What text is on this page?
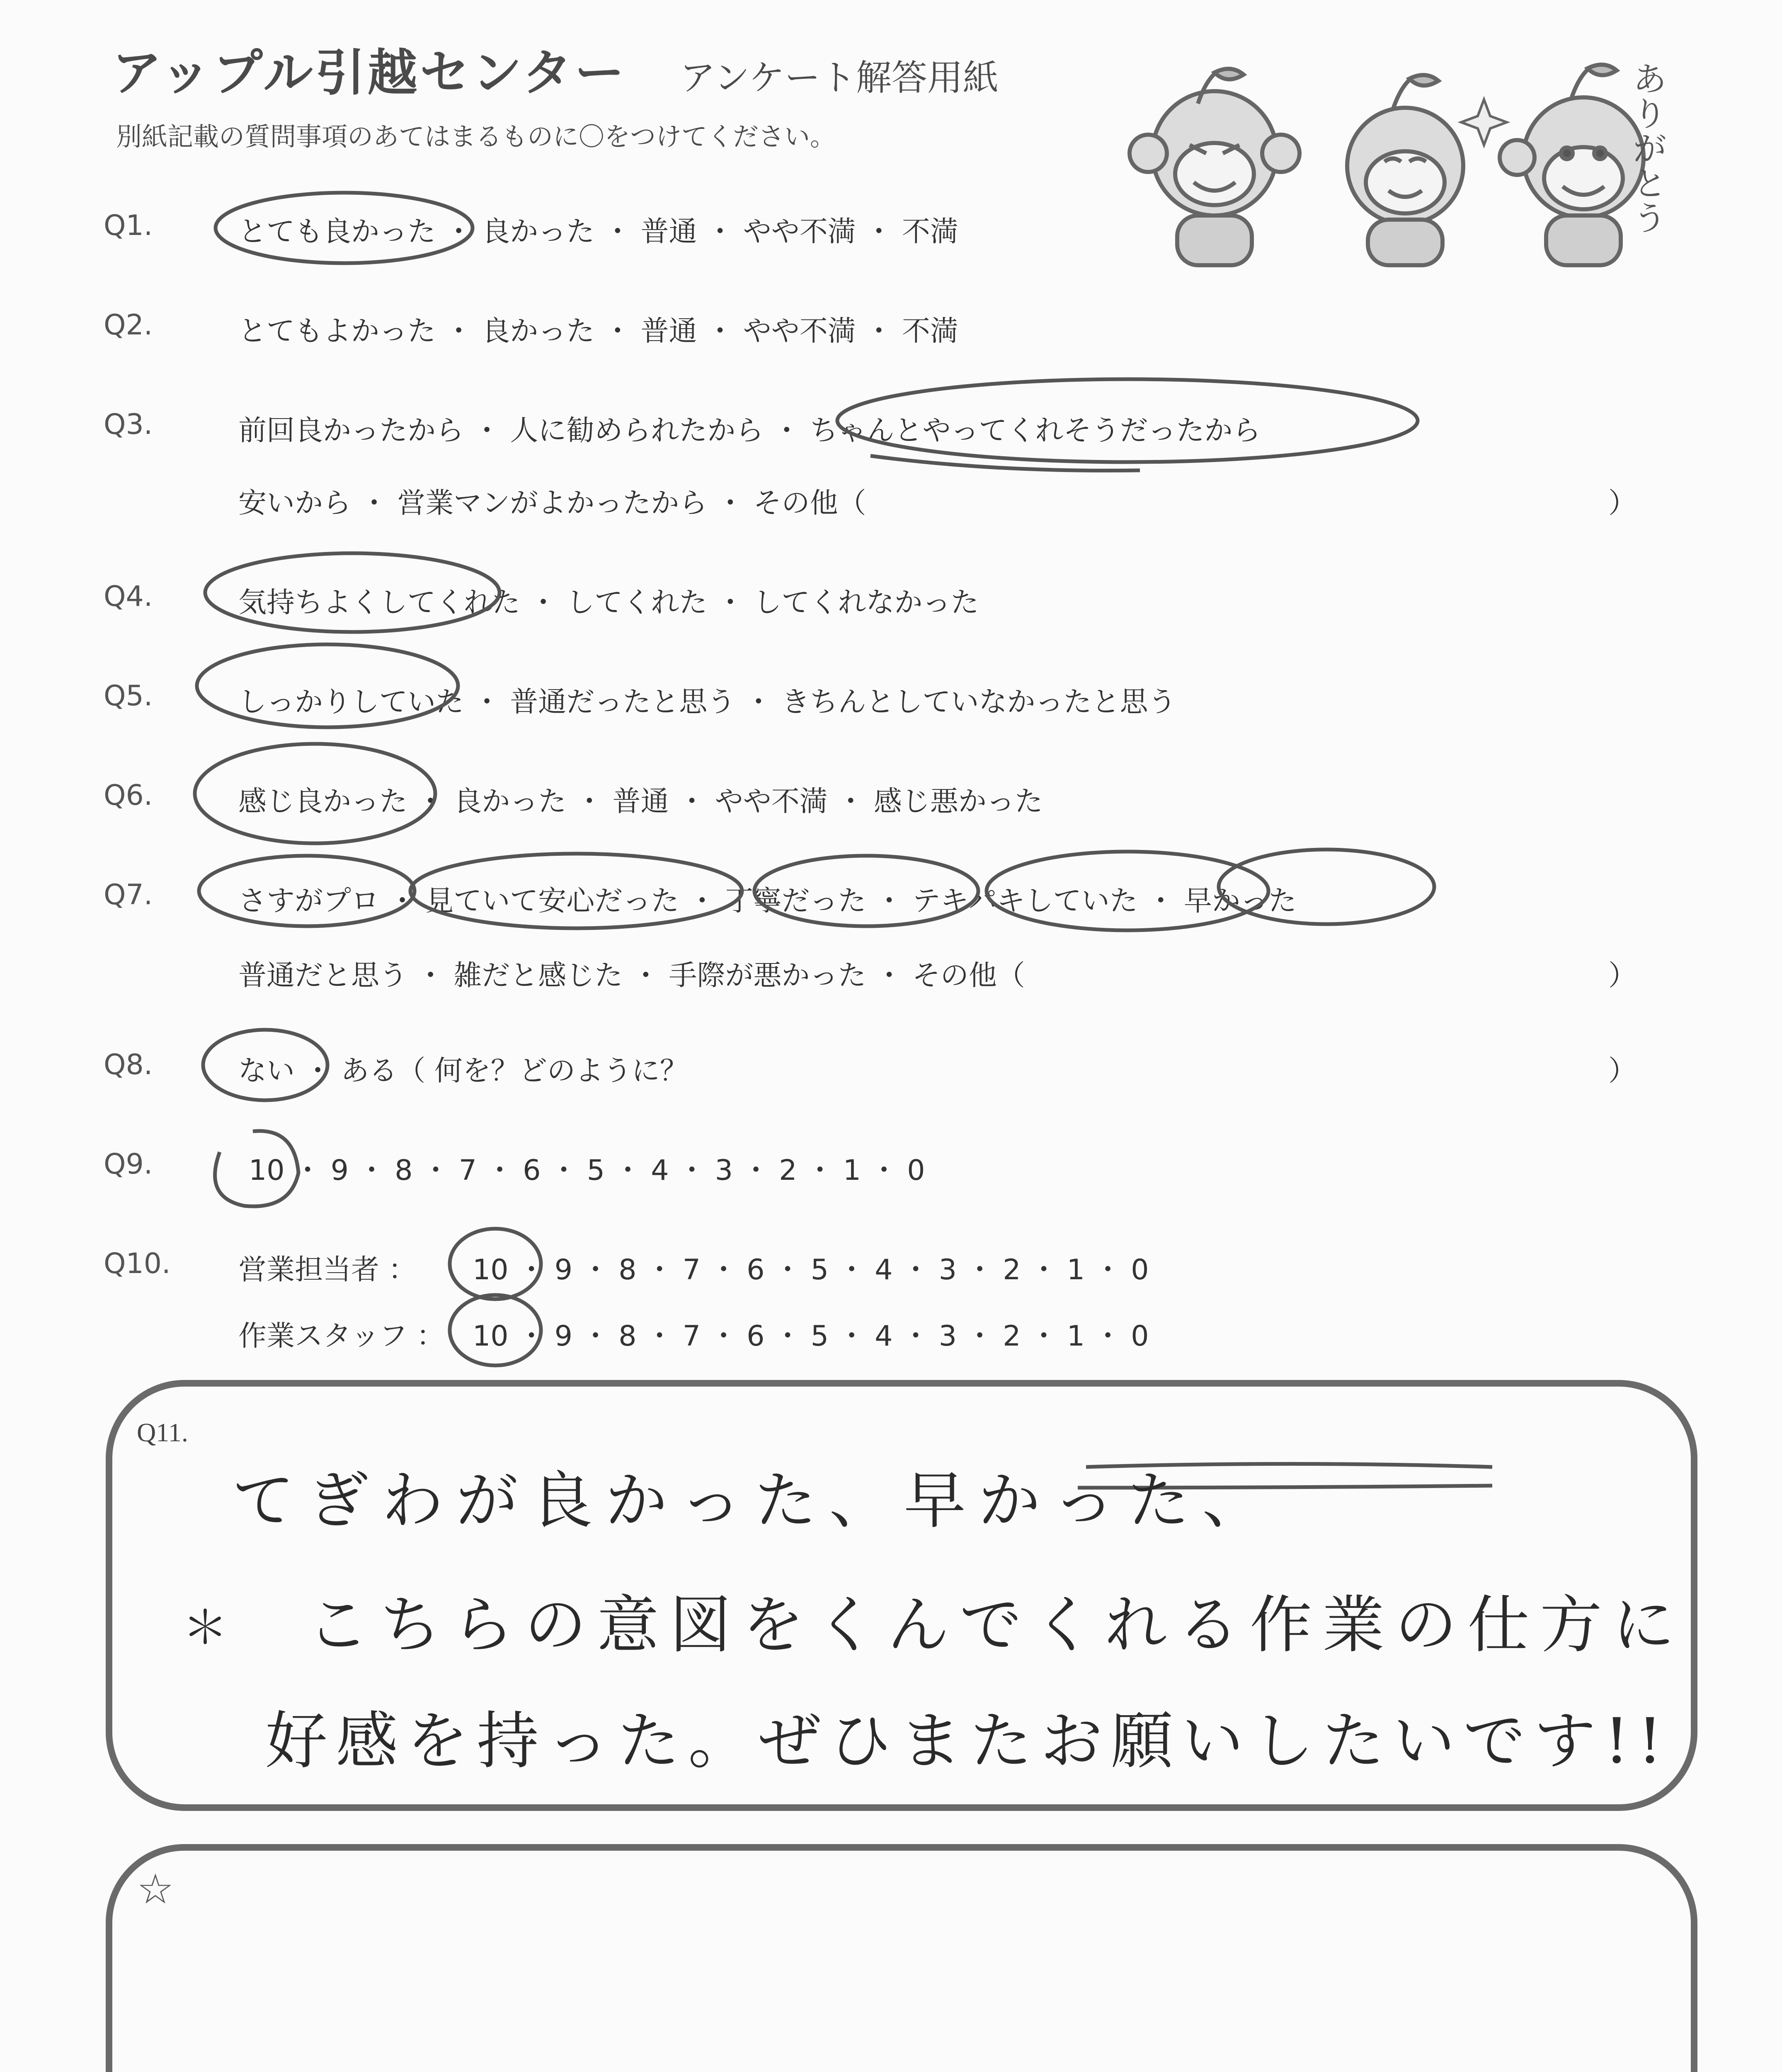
アップル引越センター アンケート解答用紙
別紙記載の質問事項のあてはまるものに〇をつけてください。
ありがとう
Q1.	とても良かった ・ 良かった ・ 普通 ・ やや不満 ・ 不満
Q2.	とてもよかった ・ 良かった ・ 普通 ・ やや不満 ・ 不満
Q3.	前回良かったから ・ 人に勧められたから ・ ちゃんとやってくれそうだったから
安いから ・ 営業マンがよかったから ・ その他（	）
Q4.	気持ちよくしてくれた ・ してくれた ・ してくれなかった
Q5.	しっかりしていた ・ 普通だったと思う ・ きちんとしていなかったと思う
Q6.	感じ良かった ・ 良かった ・ 普通 ・ やや不満 ・ 感じ悪かった
Q7.	さすがプロ ・ 見ていて安心だった ・ 丁寧だった ・ テキパキしていた ・ 早かった
普通だと思う ・ 雑だと感じた ・ 手際が悪かった ・ その他（	）
Q8.	ない ・ ある（ 何を？どのように？	）
Q9.	10 ・ 9 ・ 8 ・ 7 ・ 6 ・ 5 ・ 4 ・ 3 ・ 2 ・ 1 ・ 0
Q10. 営業担当者 ： 10 ・ 9 ・ 8 ・ 7 ・ 6 ・ 5 ・ 4 ・ 3 ・ 2 ・ 1 ・ 0
作業スタッフ ： 10 ・ 9 ・ 8 ・ 7 ・ 6 ・ 5 ・ 4 ・ 3 ・ 2 ・ 1 ・ 0
Q11.
てぎわが良かった、早かった、
＊ こちらの意図をくんでくれる作業の仕方に
好感を持った。ぜひまたお願いしたいです!!
☆
